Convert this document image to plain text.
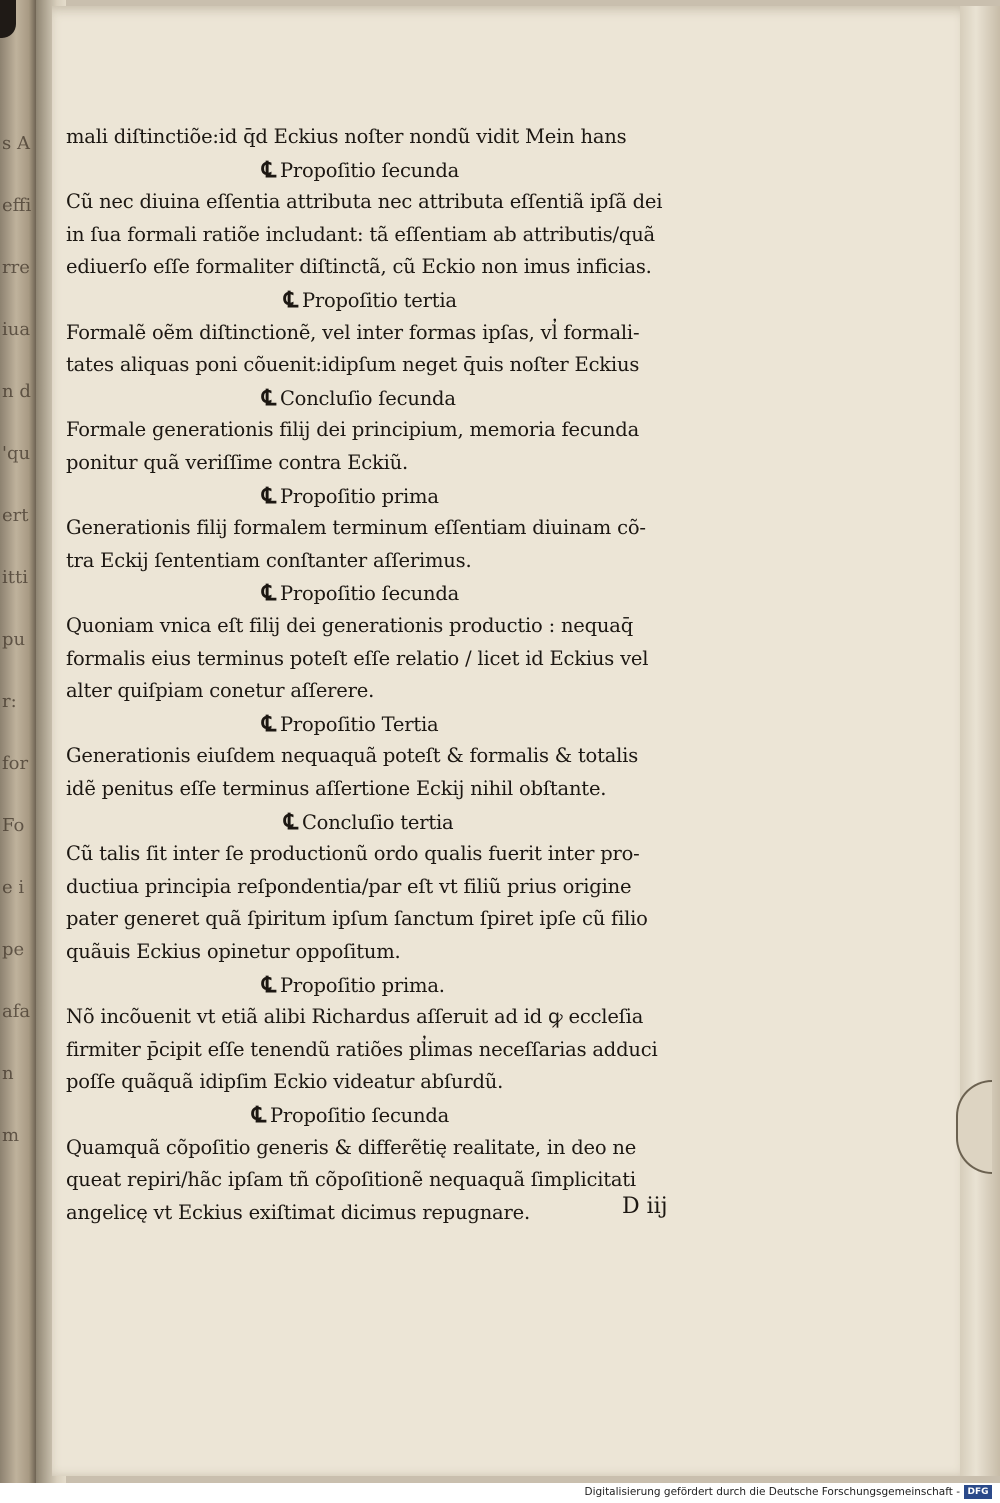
s A
effi
rre
iua
n d
'qu
ert
itti
pu
r:
for
Fo
e i
pe
afa
n
m
mali diſtinctiõe:id q̄d Eckius noſter nondũ vidit Mein hans
℄ Propoſitio ſecunda
Cũ nec diuina eſſentia attributa nec attributa eſſentiã ipſã dei
in ſua formali ratiõe includant: tã eſſentiam ab attributis/quã
ediuerſo eſſe formaliter diſtinctã, cũ Eckio non imus inficias.
℄ Propoſitio tertia
Formalẽ oẽm diſtinctionẽ, vel inter formas ipſas, vl̓ formali-
tates aliquas poni cõuenit:idipſum neget q̄uis noſter Eckius
℄ Concluſio ſecunda
Formale generationis filij dei principium, memoria fecunda
ponitur quã veriſſime contra Eckiũ.
℄ Propoſitio prima
Generationis filij formalem terminum eſſentiam diuinam cõ-
tra Eckij ſententiam conſtanter aſſerimus.
℄ Propoſitio ſecunda
Quoniam vnica eſt filij dei generationis productio : nequaq̄
formalis eius terminus poteſt eſſe relatio / licet id Eckius vel
alter quiſpiam conetur aſſerere.
℄ Propoſitio Tertia
Generationis eiuſdem nequaquã poteſt & formalis & totalis
idẽ penitus eſſe terminus aſſertione Eckij nihil obſtante.
℄ Concluſio tertia
Cũ talis ſit inter ſe productionũ ordo qualis fuerit inter pro-
ductiua principia reſpondentia/par eſt vt filiũ prius origine
pater generet quã ſpiritum ipſum ſanctum ſpiret ipſe cũ filio
quãuis Eckius opinetur oppoſitum.
℄ Propoſitio prima.
Nõ incõuenit vt etiã alibi Richardus aſſeruit ad id ꝙ eccleſia
firmiter p̄cipit eſſe tenendũ ratiões pl̓imas neceſſarias adduci
poſſe quãquã idipſim Eckio videatur abſurdũ.
℄ Propoſitio ſecunda
Quamquã cõpoſitio generis & differẽtię realitate, in deo ne
queat repiri/hãc ipſam tñ cõpoſitionẽ nequaquã ſimplicitati
angelicę vt Eckius exiſtimat dicimus repugnare.	D iij
Digitalisierung gefördert durch die Deutsche Forschungsgemeinschaft - DFG
